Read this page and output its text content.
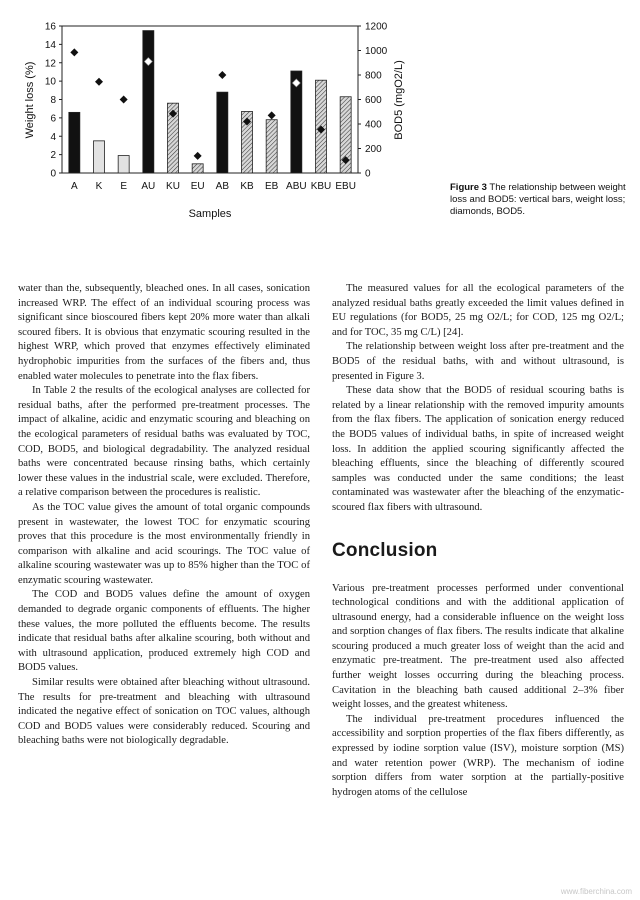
0
2
4
6
8
10
12
14
16
0
200
400
600
800
1000
1200
A K E AU KU EU AB KB EB ABU KBU EBU
Weight loss (%)	BOD5 (mgO2/L)
Samples
Figure 3 The relationship between weight loss and BOD5: vertical bars, weight loss; diamonds, BOD5.

water than the, subsequently, bleached ones. In all cases, sonication increased WRP. The effect of an individual scouring process was significant since bioscoured fibers kept 20% more water than alkali scoured fibers. It is obvious that enzymatic scouring resulted in the highest WRP, which proved that enzymes effectively eliminated hydrophobic impurities from the surfaces of the fibers and, thus enabled water molecules to penetrate into the flax fibers.

In Table 2 the results of the ecological analyses are collected for residual baths, after the performed pre-treatment processes. The impact of alkaline, acidic and enzymatic scouring and bleaching on the ecological parameters of residual baths was evaluated by TOC, COD, BOD5, and biological degradability. The analyzed residual baths were concentrated because rinsing baths, which certainly lower these values in the industrial scale, were excluded. Therefore, a relative comparison between the procedures is realistic.

As the TOC value gives the amount of total organic compounds present in wastewater, the lowest TOC for enzymatic scouring proves that this procedure is the most environmentally friendly in comparison with alkaline and acid scourings. The TOC value of alkaline scouring wastewater was up to 85% higher than the TOC of enzymatic scouring wastewater.

The COD and BOD5 values define the amount of oxygen demanded to degrade organic components of effluents. The higher these values, the more polluted the effluents become. The results indicate that residual baths after alkaline scouring, both without and with ultrasound application, produced extremely high COD and BOD5 values.

Similar results were obtained after bleaching without ultrasound. The results for pre-treatment and bleaching with ultrasound indicated the negative effect of sonication on TOC values, although COD and BOD5 values were considerably reduced. Scouring and bleaching baths were not biologically degradable.

The measured values for all the ecological parameters of the analyzed residual baths greatly exceeded the limit values defined in EU regulations (for BOD5, 25 mg O2/L; for COD, 125 mg O2/L; and for TOC, 35 mg C/L) [24].

The relationship between weight loss after pre-treatment and the BOD5 of the residual baths, with and without ultrasound, is presented in Figure 3.

These data show that the BOD5 of residual scouring baths is related by a linear relationship with the removed impurity amounts from the flax fibers. The application of sonication energy reduced the BOD5 values of individual baths, in spite of increased weight loss. In addition the applied scouring significantly affected the bleaching effluents, since the bleaching of differently scoured samples was conducted under the same conditions; the least contaminated was wastewater after the bleaching of the enzymatic-scoured flax fibers with ultrasound.

Conclusion

Various pre-treatment processes performed under conventional technological conditions and with the additional application of ultrasound energy, had a considerable influence on the weight loss and sorption changes of flax fibers. The results indicate that alkaline scouring produced a much greater loss of weight than the acid and enzymatic pre-treatment. The pre-treatment used also affected further weight losses occurring during the bleaching process. Cavitation in the bleaching bath caused additional 2–3% fiber weight losses, and the greatest whiteness.

The individual pre-treatment procedures influenced the accessibility and sorption properties of the flax fibers differently, as expressed by iodine sorption value (ISV), moisture sorption (MS) and water retention power (WRP). The mechanism of iodine sorption differs from water sorption at the partially-positive hydrogen atoms of the cellulose

www.fiberchina.com
